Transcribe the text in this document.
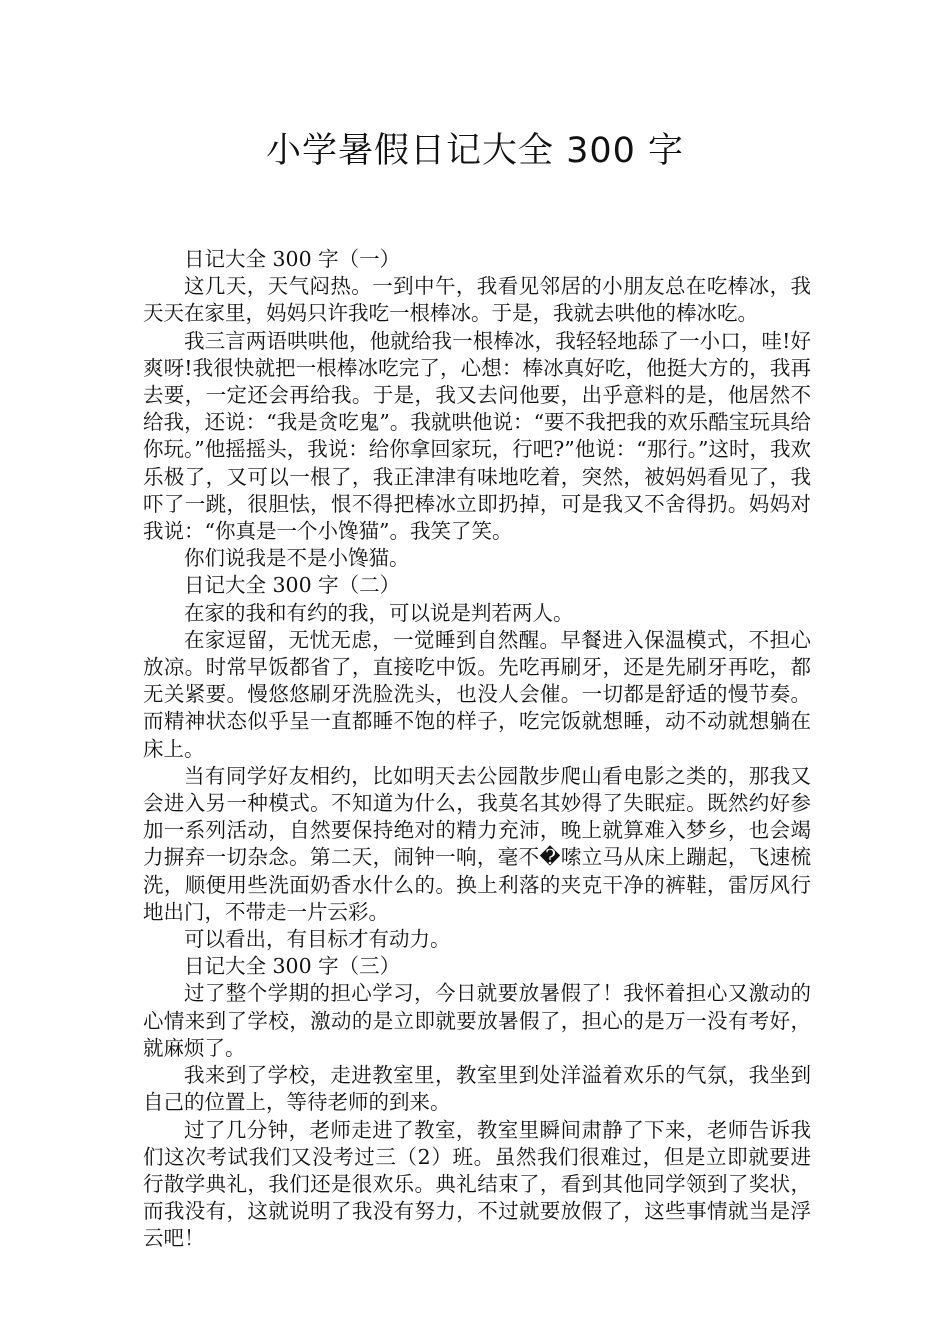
小学暑假日记大全 300 字

日记大全 300 字（一）

这几天，天气闷热。一到中午，我看见邻居的小朋友总在吃棒冰，我天天在家里，妈妈只许我吃一根棒冰。于是，我就去哄他的棒冰吃。

我三言两语哄哄他，他就给我一根棒冰，我轻轻地舔了一小口，哇!好爽呀!我很快就把一根棒冰吃完了，心想：棒冰真好吃，他挺大方的，我再去要，一定还会再给我。于是，我又去问他要，出乎意料的是，他居然不给我，还说：“我是贪吃鬼”。我就哄他说：“要不我把我的欢乐酷宝玩具给你玩。”他摇摇头，我说：给你拿回家玩，行吧?”他说：“那行。”这时，我欢乐极了，又可以一根了，我正津津有味地吃着，突然，被妈妈看见了，我吓了一跳，很胆怯，恨不得把棒冰立即扔掉，可是我又不舍得扔。妈妈对我说：“你真是一个小馋猫”。我笑了笑。

你们说我是不是小馋猫。

日记大全 300 字（二）

在家的我和有约的我，可以说是判若两人。

在家逗留，无忧无虑，一觉睡到自然醒。早餐进入保温模式，不担心放凉。时常早饭都省了，直接吃中饭。先吃再刷牙，还是先刷牙再吃，都无关紧要。慢悠悠刷牙洗脸洗头，也没人会催。一切都是舒适的慢节奏。而精神状态似乎呈一直都睡不饱的样子，吃完饭就想睡，动不动就想躺在床上。

当有同学好友相约，比如明天去公园散步爬山看电影之类的，那我又会进入另一种模式。不知道为什么，我莫名其妙得了失眠症。既然约好参加一系列活动，自然要保持绝对的精力充沛，晚上就算难入梦乡，也会竭力摒弃一切杂念。第二天，闹钟一响，毫不�嗦立马从床上蹦起，飞速梳洗，顺便用些洗面奶香水什么的。换上利落的夹克干净的裤鞋，雷厉风行地出门，不带走一片云彩。

可以看出，有目标才有动力。

日记大全 300 字（三）

过了整个学期的担心学习，今日就要放暑假了！我怀着担心又激动的心情来到了学校，激动的是立即就要放暑假了，担心的是万一没有考好，就麻烦了。

我来到了学校，走进教室里，教室里到处洋溢着欢乐的气氛，我坐到自己的位置上，等待老师的到来。

过了几分钟，老师走进了教室，教室里瞬间肃静了下来，老师告诉我们这次考试我们又没考过三（2）班。虽然我们很难过，但是立即就要进行散学典礼，我们还是很欢乐。典礼结束了，看到其他同学领到了奖状，而我没有，这就说明了我没有努力，不过就要放假了，这些事情就当是浮云吧！
